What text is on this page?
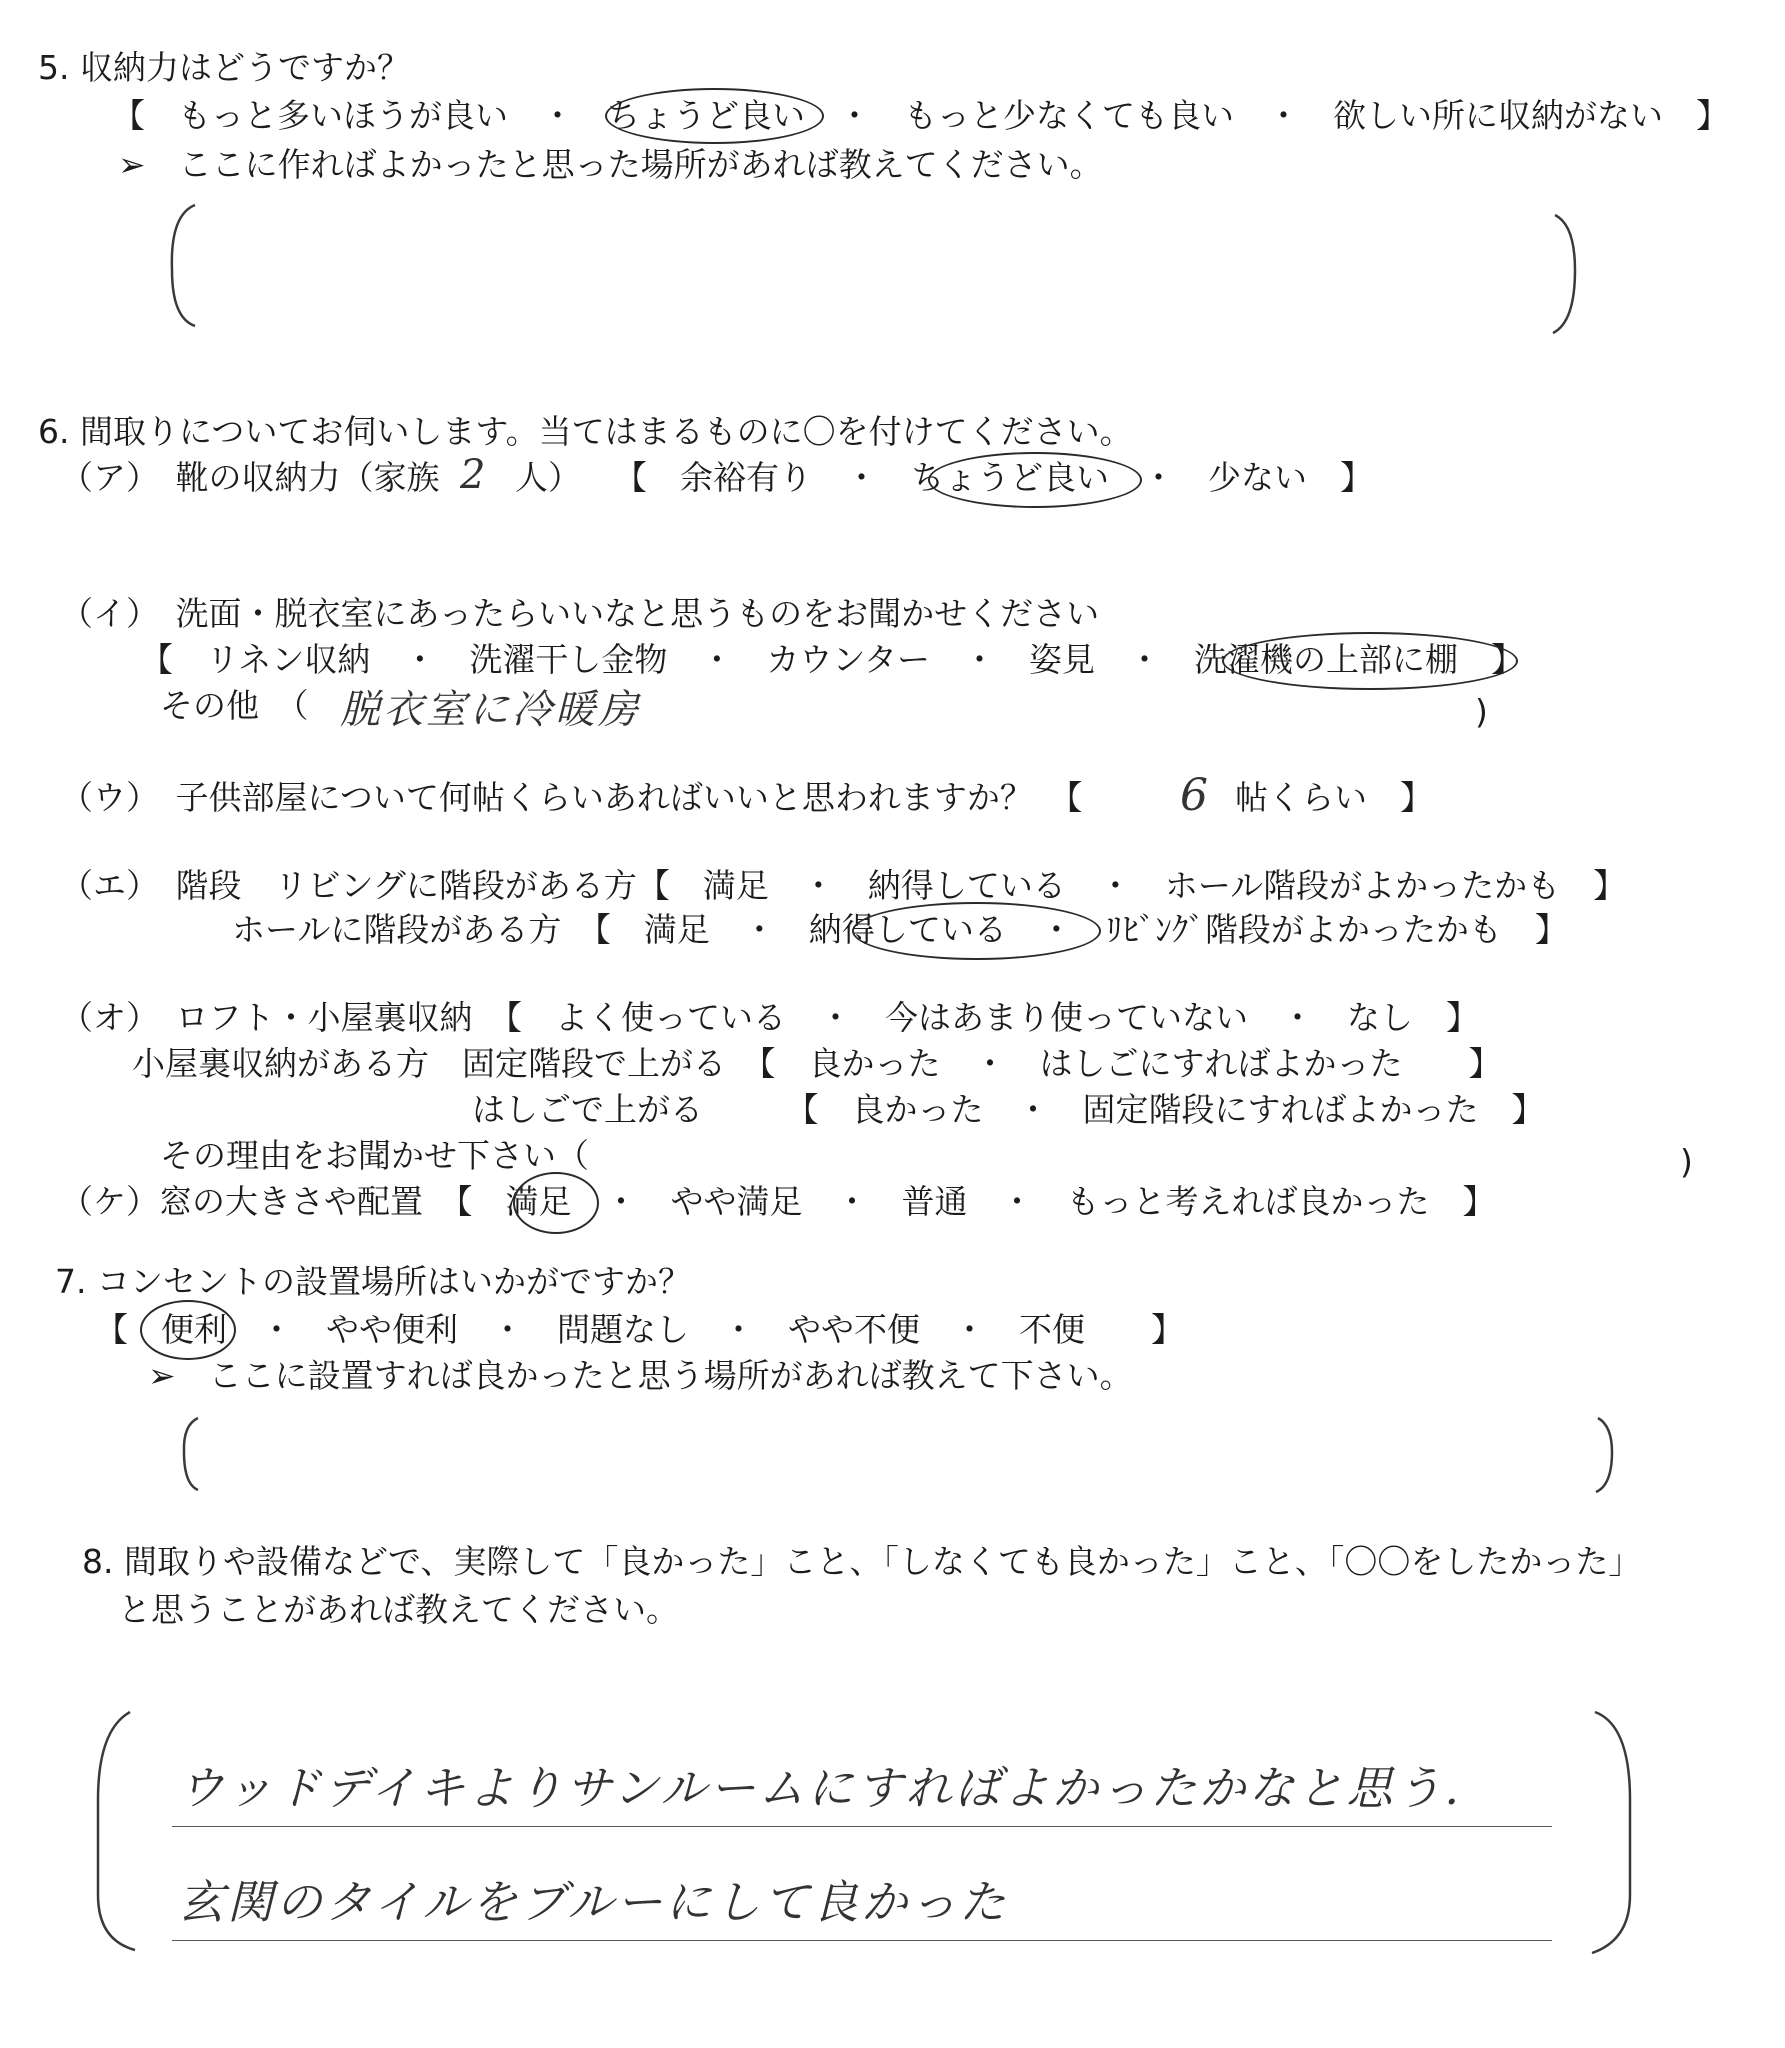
5. 収納力はどうですか？
【　もっと多いほうが良い　・　ちょうど良い　・　もっと少なくても良い　・　欲しい所に収納がない　】
➢　ここに作ればよかったと思った場所があれば教えてください。
6. 間取りについてお伺いします。当てはまるものに〇を付けてください。
（ア）　靴の収納力（家族 2 人）　　【　余裕有り　・　ちょうど良い　・　少ない　】
（イ）　洗面・脱衣室にあったらいいなと思うものをお聞かせください
【　リネン収納　・　洗濯干し金物　・　カウンター　・　姿見　・　洗濯機の上部に棚　】
その他　（ 脱衣室に冷暖房	)
（ウ）　子供部屋について何帖くらいあればいいと思われますか？　【 6 帖くらい　】
（エ）　階段　リビングに階段がある方【　満足　・　納得している　・　ホール階段がよかったかも　】
ホールに階段がある方　【　満足　・　納得している　・　ﾘﾋﾞﾝｸﾞ階段がよかったかも　】
（オ）　ロフト・小屋裏収納　【　よく使っている　・　今はあまり使っていない　・　なし　】
小屋裏収納がある方　固定階段で上がる　【　良かった　・　はしごにすればよかった　　】
はしごで上がる　　　【　良かった　・　固定階段にすればよかった　】
その理由をお聞かせ下さい（	)
（ケ）窓の大きさや配置　【　満足　・　やや満足　・　普通　・　もっと考えれば良かった　】
7. コンセントの設置場所はいかがですか？
【　便利　・　やや便利　・　問題なし　・　やや不便　・　不便　　】
➢　ここに設置すれば良かったと思う場所があれば教えて下さい。
8. 間取りや設備などで、実際して「良かった」こと、「しなくても良かった」こと、「〇〇をしたかった」
と思うことがあれば教えてください。
ウッドデイキよりサンルームにすればよかったかなと思う.
玄関のタイルをブルーにして良かった
